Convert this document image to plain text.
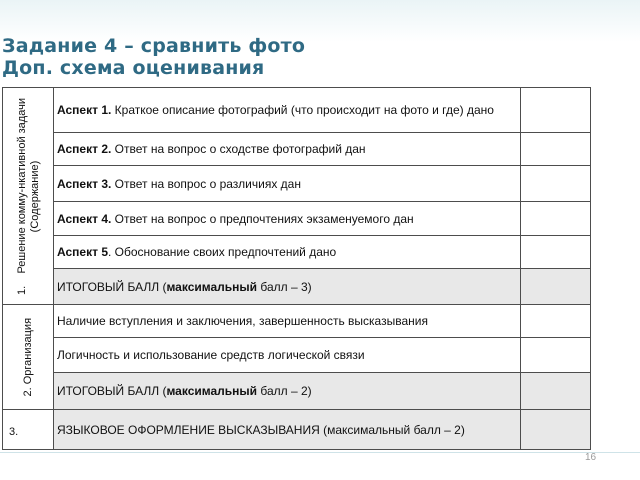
Задание 4 – сравнить фото
Доп. схема оценивания
1.    Решение комму-нкативной задачи (Содержание)
2. Организация
3.
Аспект 1. Краткое описание фотографий (что происходит на фото и где) дано
Аспект 2. Ответ на вопрос о сходстве фотографий дан
Аспект 3. Ответ на вопрос о различиях дан
Аспект 4. Ответ на вопрос о предпочтениях экзаменуемого дан
Аспект 5. Обоснование своих предпочтений дано
ИТОГОВЫЙ БАЛЛ (максимальный балл – 3)
Наличие вступления и заключения, завершенность высказывания
Логичность и использование средств логической связи
ИТОГОВЫЙ БАЛЛ (максимальный балл – 2)
ЯЗЫКОВОЕ ОФОРМЛЕНИЕ ВЫСКАЗЫВАНИЯ (максимальный балл – 2)
16
